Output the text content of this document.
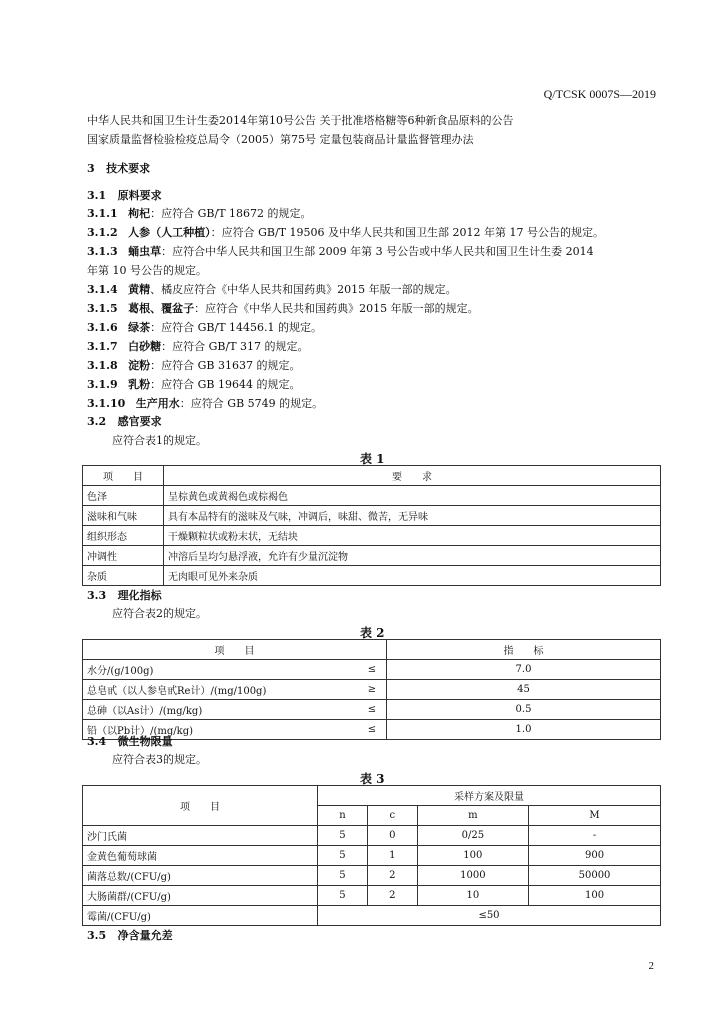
Q/TCSK 0007S—2019
中华人民共和国卫生计生委2014年第10号公告 关于批准塔格糖等6种新食品原料的公告
国家质量监督检验检疫总局令（2005）第75号 定量包装商品计量监督管理办法
3 技术要求
3.1 原料要求
3.1.1 枸杞：应符合 GB/T 18672 的规定。
3.1.2 人参（人工种植）：应符合 GB/T 19506 及中华人民共和国卫生部 2012 年第 17 号公告的规定。
3.1.3 蛹虫草：应符合中华人民共和国卫生部 2009 年第 3 号公告或中华人民共和国卫生计生委 2014
年第 10 号公告的规定。
3.1.4 黄精、橘皮应符合《中华人民共和国药典》2015 年版一部的规定。
3.1.5 葛根、覆盆子：应符合《中华人民共和国药典》2015 年版一部的规定。
3.1.6 绿茶：应符合 GB/T 14456.1 的规定。
3.1.7 白砂糖：应符合 GB/T 317 的规定。
3.1.8 淀粉：应符合 GB 31637 的规定。
3.1.9 乳粉：应符合 GB 19644 的规定。
3.1.10 生产用水：应符合 GB 5749 的规定。
3.2 感官要求
应符合表1的规定。
表 1
项　　目	要　　求
色泽	呈棕黄色或黄褐色或棕褐色
滋味和气味	具有本品特有的滋味及气味，冲调后，味甜、微苦，无异味
组织形态	干燥颗粒状或粉末状，无结块
冲调性	冲溶后呈均匀悬浮液，允许有少量沉淀物
杂质	无肉眼可见外来杂质
3.3 理化指标
应符合表2的规定。
表 2
项　　目		指　　标
水分/(g/100g)	≤	7.0
总皂甙（以人参皂甙Re计）/(mg/100g)	≥	45
总砷（以As计）/(mg/kg)	≤	0.5
铅（以Pb计）/(mg/kg)	≤	1.0
3.4 微生物限量
应符合表3的规定。
表 3
项　　目	采样方案及限量			
	n	c	m	M
沙门氏菌	5	0	0/25	-
金黄色葡萄球菌	5	1	100	900
菌落总数/(CFU/g)	5	2	1000	50000
大肠菌群/(CFU/g)	5	2	10	100
霉菌/(CFU/g)	≤50			
3.5 净含量允差
2
